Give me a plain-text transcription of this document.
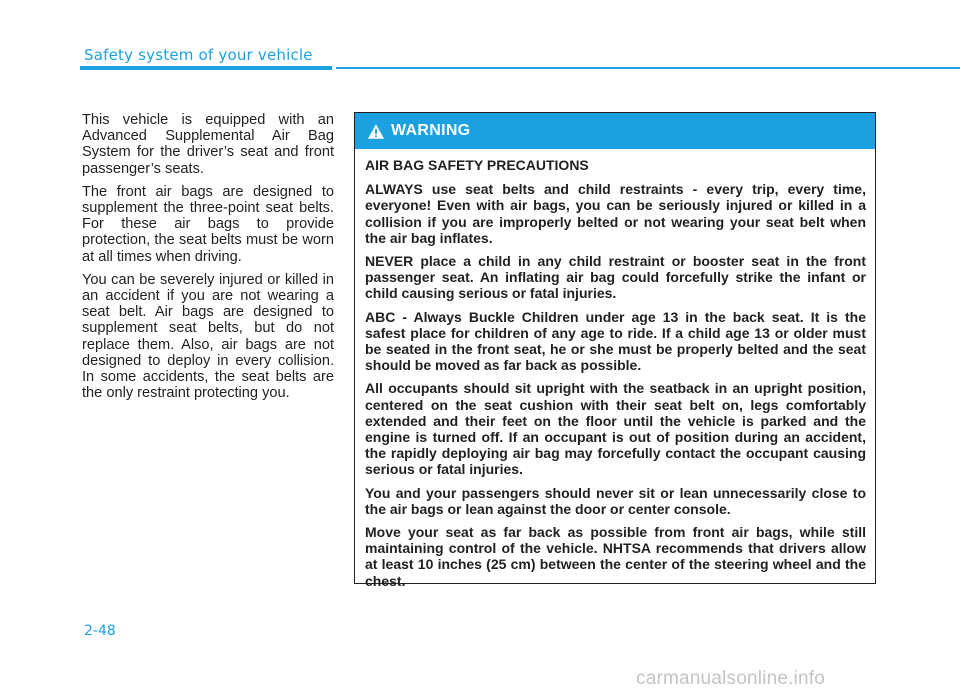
Safety system of your vehicle

This vehicle is equipped with an Advanced Supplemental Air Bag System for the driver’s seat and front passenger’s seats.

The front air bags are designed to supplement the three-point seat belts. For these air bags to provide protection, the seat belts must be worn at all times when driving.

You can be severely injured or killed in an accident if you are not wearing a seat belt. Air bags are designed to supplement seat belts, but do not replace them. Also, air bags are not designed to deploy in every collision. In some accidents, the seat belts are the only restraint protecting you.

WARNING

AIR BAG SAFETY PRECAUTIONS

ALWAYS use seat belts and child restraints - every trip, every time, everyone! Even with air bags, you can be seriously injured or killed in a collision if you are improperly belted or not wearing your seat belt when the air bag inflates.

NEVER place a child in any child restraint or booster seat in the front passenger seat. An inflating air bag could forcefully strike the infant or child causing serious or fatal injuries.

ABC - Always Buckle Children under age 13 in the back seat. It is the safest place for children of any age to ride. If a child age 13 or older must be seated in the front seat, he or she must be properly belted and the seat should be moved as far back as possible.

All occupants should sit upright with the seatback in an upright position, centered on the seat cushion with their seat belt on, legs comfortably extended and their feet on the floor until the vehicle is parked and the engine is turned off. If an occupant is out of position during an accident, the rapidly deploying air bag may forcefully contact the occupant causing serious or fatal injuries.

You and your passengers should never sit or lean unnecessarily close to the air bags or lean against the door or center console.

Move your seat as far back as possible from front air bags, while still maintaining control of the vehicle. NHTSA recommends that drivers allow at least 10 inches (25 cm) between the center of the steering wheel and the chest.

2-48
carmanualsonline.info
